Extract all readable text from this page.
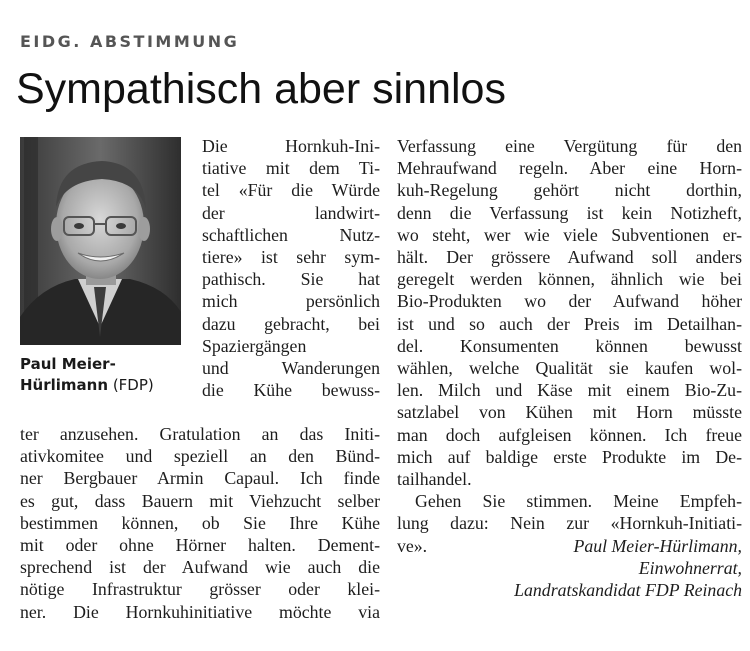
EIDG. ABSTIMMUNG
Sympathisch aber sinnlos
Paul Meier-
Hürlimann (FDP)
Die Hornkuh-Ini-
tiative mit dem Ti-
tel «Für die Würde
der landwirt-
schaftlichen Nutz-
tiere» ist sehr sym-
pathisch. Sie hat
mich persönlich
dazu gebracht, bei
Spaziergängen
und Wanderungen
die Kühe bewuss-
ter anzusehen. Gratulation an das Initi-
ativkomitee und speziell an den Bünd-
ner Bergbauer Armin Capaul. Ich finde
es gut, dass Bauern mit Viehzucht selber
bestimmen können, ob Sie Ihre Kühe
mit oder ohne Hörner halten. Dement-
sprechend ist der Aufwand wie auch die
nötige Infrastruktur grösser oder klei-
ner. Die Hornkuhinitiative möchte via
Verfassung eine Vergütung für den
Mehraufwand regeln. Aber eine Horn-
kuh-Regelung gehört nicht dorthin,
denn die Verfassung ist kein Notizheft,
wo steht, wer wie viele Subventionen er-
hält. Der grössere Aufwand soll anders
geregelt werden können, ähnlich wie bei
Bio-Produkten wo der Aufwand höher
ist und so auch der Preis im Detailhan-
del. Konsumenten können bewusst
wählen, welche Qualität sie kaufen wol-
len. Milch und Käse mit einem Bio-Zu-
satzlabel von Kühen mit Horn müsste
man doch aufgleisen können. Ich freue
mich auf baldige erste Produkte im De-
tailhandel.
Gehen Sie stimmen. Meine Empfeh-
lung dazu: Nein zur «Hornkuh-Initiati-
ve».	Paul Meier-Hürlimann,
Einwohnerrat,
Landratskandidat FDP Reinach
